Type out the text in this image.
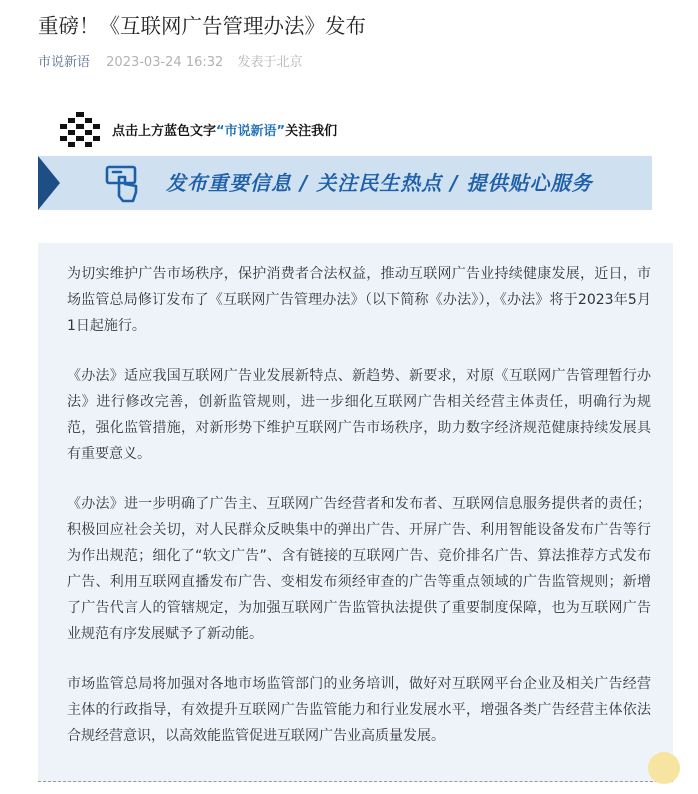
重磅！《互联网广告管理办法》发布
市说新语 2023-03-24 16:32 发表于北京
点击上方蓝色文字“市说新语”关注我们
发布重要信息 / 关注民生热点 / 提供贴心服务

为切实维护广告市场秩序，保护消费者合法权益，推动互联网广告业持续健康发展，近日，市场监管总局修订发布了《互联网广告管理办法》（以下简称《办法》），《办法》将于2023年5月1日起施行。

《办法》适应我国互联网广告业发展新特点、新趋势、新要求，对原《互联网广告管理暂行办法》进行修改完善，创新监管规则，进一步细化互联网广告相关经营主体责任，明确行为规范，强化监管措施，对新形势下维护互联网广告市场秩序，助力数字经济规范健康持续发展具有重要意义。

《办法》进一步明确了广告主、互联网广告经营者和发布者、互联网信息服务提供者的责任；积极回应社会关切，对人民群众反映集中的弹出广告、开屏广告、利用智能设备发布广告等行为作出规范；细化了“软文广告”、含有链接的互联网广告、竞价排名广告、算法推荐方式发布广告、利用互联网直播发布广告、变相发布须经审查的广告等重点领域的广告监管规则；新增了广告代言人的管辖规定，为加强互联网广告监管执法提供了重要制度保障，也为互联网广告业规范有序发展赋予了新动能。

市场监管总局将加强对各地市场监管部门的业务培训，做好对互联网平台企业及相关广告经营主体的行政指导，有效提升互联网广告监管能力和行业发展水平，增强各类广告经营主体依法合规经营意识，以高效能监管促进互联网广告业高质量发展。
